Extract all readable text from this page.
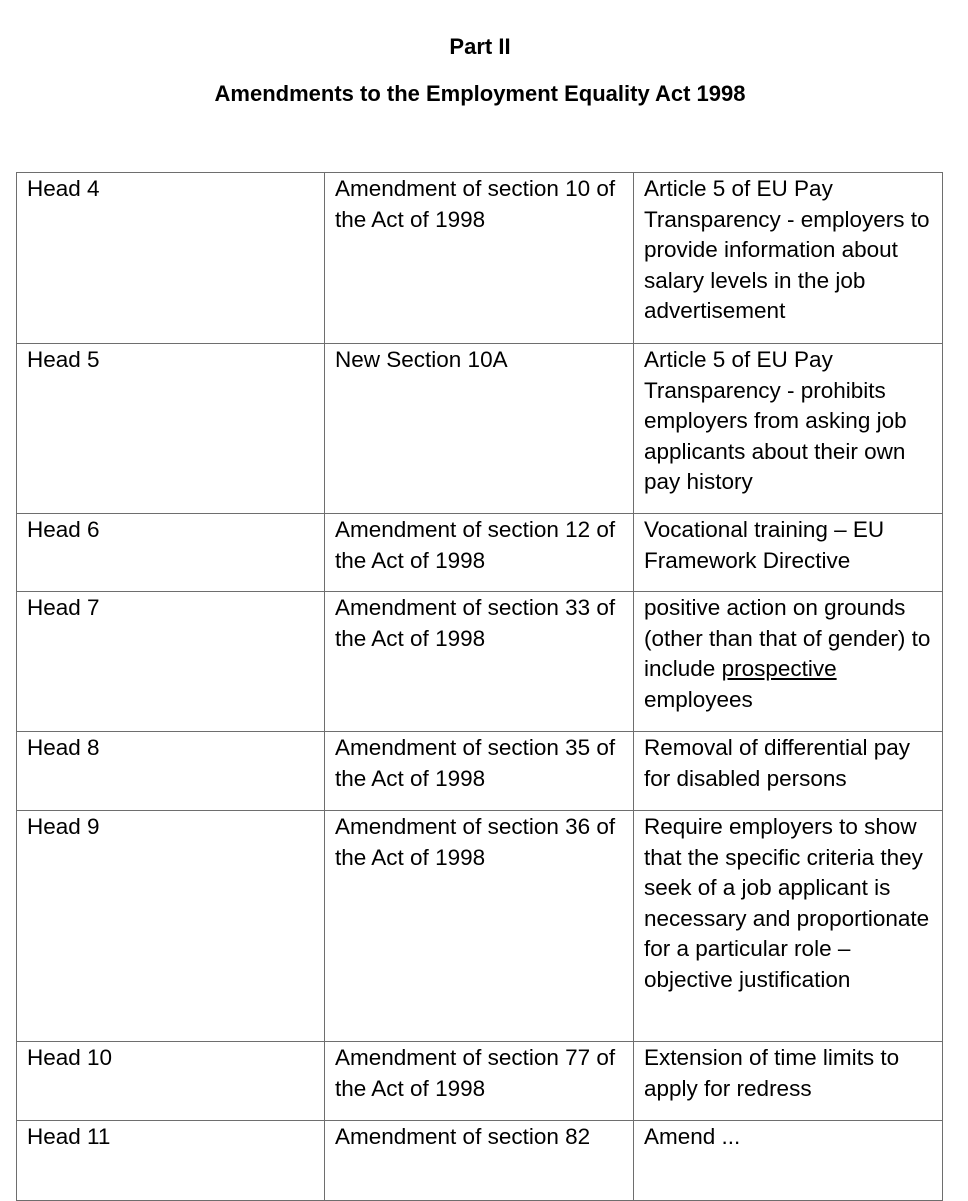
Part II
Amendments to the Employment Equality Act 1998
Head 4	Amendment of section 10 of the Act of 1998	Article 5 of EU Pay Transparency - employers to provide information about salary levels in the job advertisement
Head 5	New Section 10A	Article 5 of EU Pay Transparency - prohibits employers from asking job applicants about their own pay history
Head 6	Amendment of section 12 of the Act of 1998	Vocational training – EU Framework Directive
Head 7	Amendment of section 33 of the Act of 1998	positive action on grounds (other than that of gender) to include prospective employees
Head 8	Amendment of section 35 of the Act of 1998	Removal of differential pay for disabled persons
Head 9	Amendment of section 36 of the Act of 1998	Require employers to show that the specific criteria they seek of a job applicant is necessary and proportionate for a particular role – objective justification
Head 10	Amendment of section 77 of the Act of 1998	Extension of time limits to apply for redress
Head 11	Amendment of section 82	Amend ...
